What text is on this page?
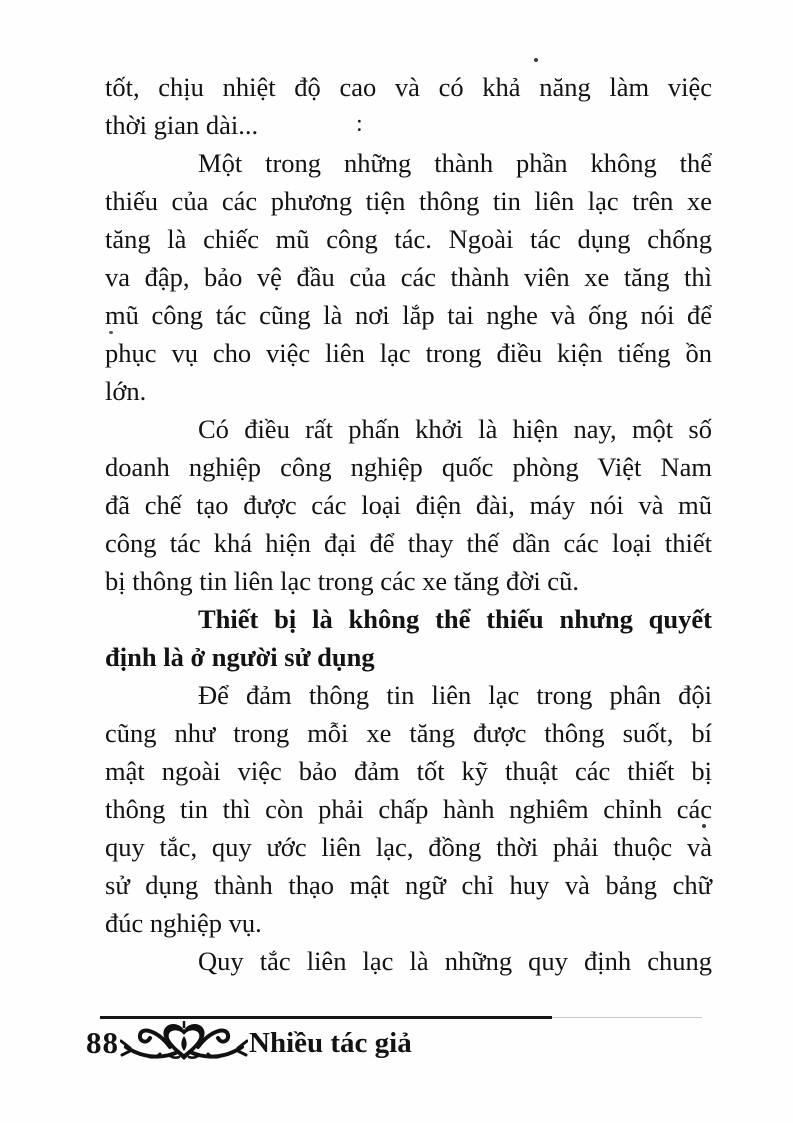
tốt, chịu nhiệt độ cao và có khả năng làm việc
thời gian dài...
Một trong những thành phần không thể
thiếu của các phương tiện thông tin liên lạc trên xe
tăng là chiếc mũ công tác. Ngoài tác dụng chống
va đập, bảo vệ đầu của các thành viên xe tăng thì
mũ công tác cũng là nơi lắp tai nghe và ống nói để
phục vụ cho việc liên lạc trong điều kiện tiếng ồn
lớn.
Có điều rất phấn khởi là hiện nay, một số
doanh nghiệp công nghiệp quốc phòng Việt Nam
đã chế tạo được các loại điện đài, máy nói và mũ
công tác khá hiện đại để thay thế dần các loại thiết
bị thông tin liên lạc trong các xe tăng đời cũ.
Thiết bị là không thể thiếu nhưng quyết
định là ở người sử dụng
Để đảm thông tin liên lạc trong phân đội
cũng như trong mỗi xe tăng được thông suốt, bí
mật ngoài việc bảo đảm tốt kỹ thuật các thiết bị
thông tin thì còn phải chấp hành nghiêm chỉnh các
quy tắc, quy ước liên lạc, đồng thời phải thuộc và
sử dụng thành thạo mật ngữ chỉ huy và bảng chữ
đúc nghiệp vụ.
Quy tắc liên lạc là những quy định chung
:
88	Nhiều tác giả
